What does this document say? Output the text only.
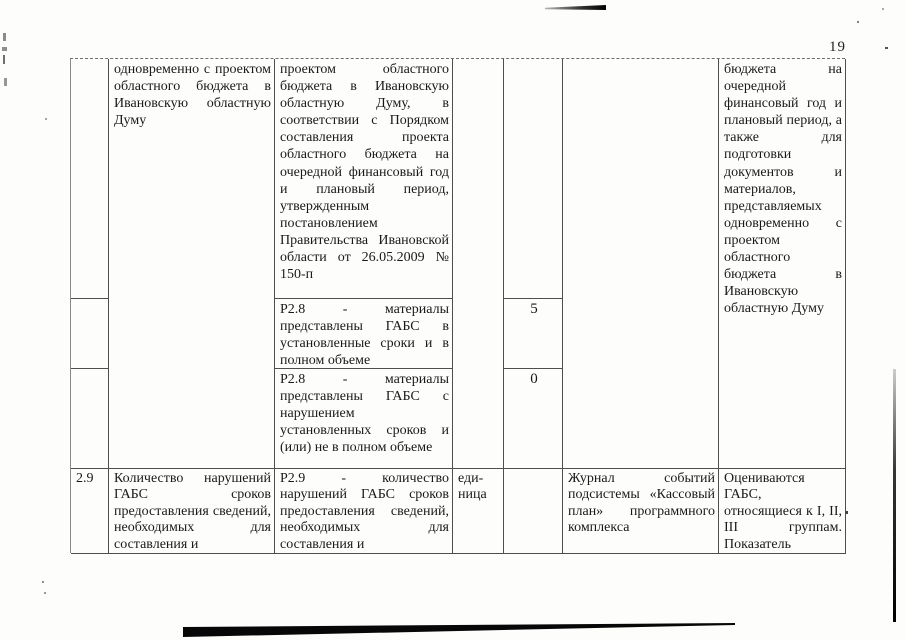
19
2.9
одновременно с проектом областного бюджета в Ивановскую областную Думу
Количество нарушений ГАБС сроков предоставления сведений, необходимых для составления и
проектом областного бюджета в Ивановскую областную Думу, в соответствии с Порядком составления проекта областного бюджета на очередной финансовый год и плановый период, утвержденным постановлением Правительства Ивановской области от 26.05.2009 № 150-п
Р2.8 - материалы представлены ГАБС в установленные сроки и в полном объеме
Р2.8 - материалы представлены ГАБС с нарушением установленных сроков и (или) не в полном объеме
Р2.9 - количество нарушений ГАБС сроков предоставления сведений, необходимых для составления и
еди-ница
5
0
Журнал событий подсистемы «Кассовый план» программного комплекса
бюджета на очередной финансовый год и плановый период, а также для подготовки документов и материалов, представляемых одновременно с проектом областного бюджета в Ивановскую областную Думу
Оцениваются ГАБС, относящиеся к I, II, III группам. Показатель
